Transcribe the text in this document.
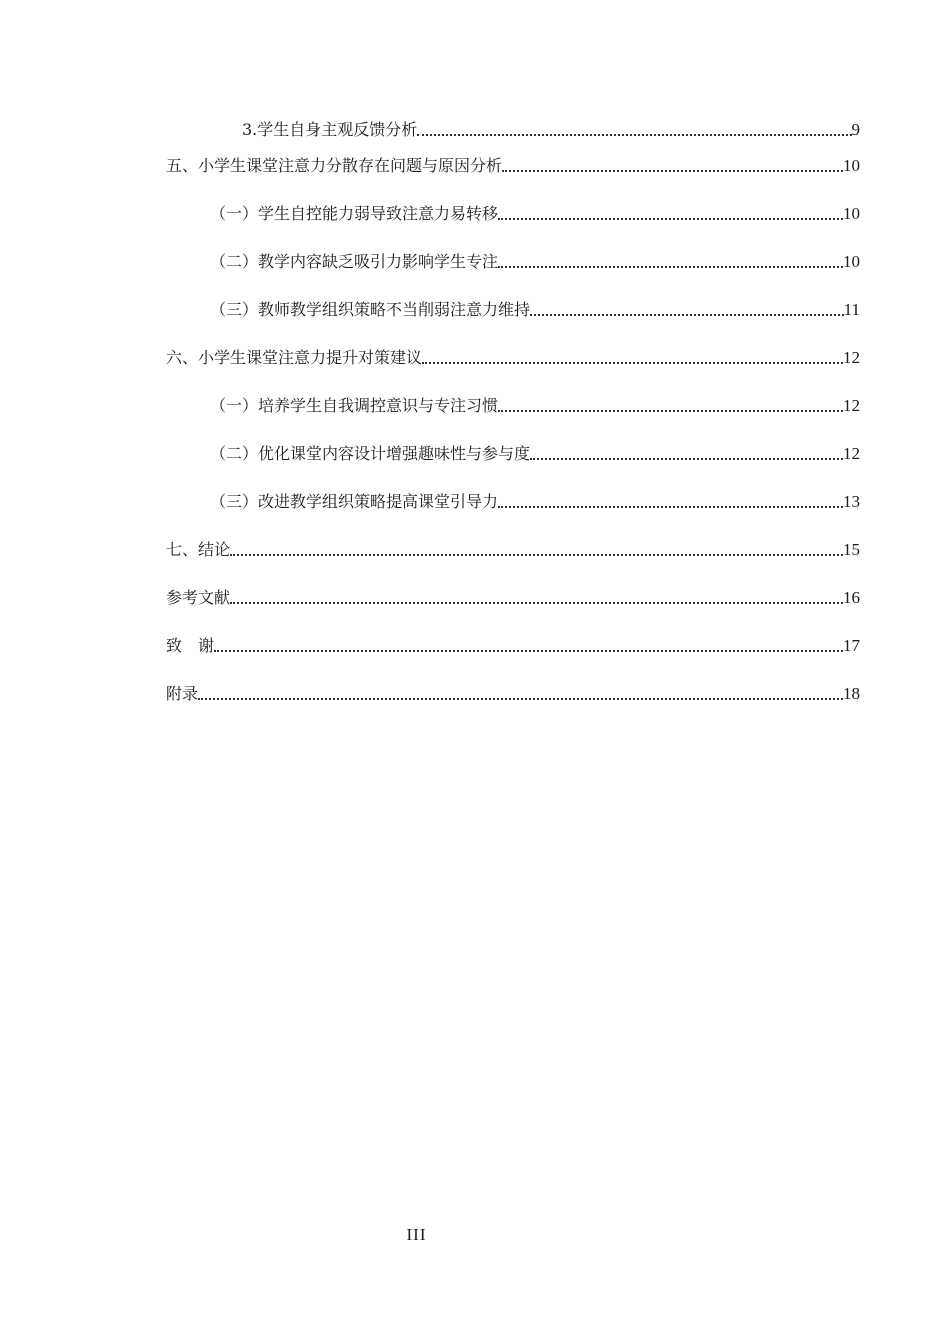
3.学生自身主观反馈分析	9
五、小学生课堂注意力分散存在问题与原因分析	10
（一）学生自控能力弱导致注意力易转移	10
（二）教学内容缺乏吸引力影响学生专注	10
（三）教师教学组织策略不当削弱注意力维持	11
六、小学生课堂注意力提升对策建议	12
（一）培养学生自我调控意识与专注习惯	12
（二）优化课堂内容设计增强趣味性与参与度	12
（三）改进教学组织策略提高课堂引导力	13
七、结论	15
参考文献	16
致　谢	17
附录	18
III
